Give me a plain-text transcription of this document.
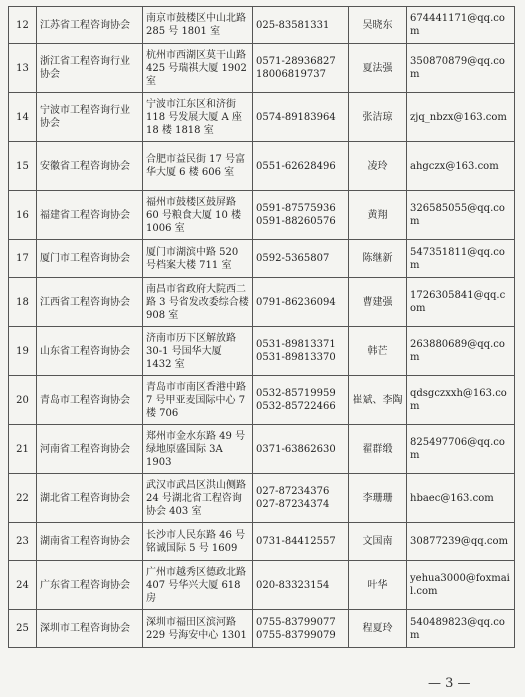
12	江苏省工程咨询协会	南京市鼓楼区中山北路 285 号 1801 室	025-83581331	吴晓东	674441171@qq.com
13	浙江省工程咨询行业协会	杭州市西湖区莫干山路 425 号瑞祺大厦 1902 室	0571-28936827
18006819737	夏法强	350870879@qq.com
14	宁波市工程咨询行业协会	宁波市江东区和济街 118 号发展大厦 A 座 18 楼 1818 室	0574-89183964	张洁琼	zjq_nbzx@163.com
15	安徽省工程咨询协会	合肥市益民街 17 号富华大厦 6 楼 606 室	0551-62628496	凌玲	ahgczx@163.com
16	福建省工程咨询协会	福州市鼓楼区鼓屏路 60 号粮食大厦 10 楼 1006 室	0591-87575936
0591-88260576	黄翔	326585055@qq.com
17	厦门市工程咨询协会	厦门市湖滨中路 520 号档案大楼 711 室	0592-5365807	陈继新	547351811@qq.com
18	江西省工程咨询协会	南昌市省政府大院西二路 3 号省发改委综合楼 908 室	0791-86236094	曹建强	1726305841@qq.com
19	山东省工程咨询协会	济南市历下区解放路 30-1 号国华大厦 1432 室	0531-89813371
0531-89813370	韩芒	263880689@qq.com
20	青岛市工程咨询协会	青岛市市南区香港中路 7 号甲亚麦国际中心 7 楼 706	0532-85719959
0532-85722466	崔斌、李陶	qdsgczxxh@163.com
21	河南省工程咨询协会	郑州市金水东路 49 号绿地原盛国际 3A 1903	0371-63862630	翟群缎	825497706@qq.com
22	湖北省工程咨询协会	武汉市武昌区洪山侧路 24 号湖北省工程咨询协会 403 室	027-87234376
027-87234374	李珊珊	hbaec@163.com
23	湖南省工程咨询协会	长沙市人民东路 46 号铭诚国际 5 号 1609	0731-84412557	文国南	30877239@qq.com
24	广东省工程咨询协会	广州市越秀区德政北路 407 号华兴大厦 618 房	020-83323154	叶华	yehua3000@foxmail.com
25	深圳市工程咨询协会	深圳市福田区滨河路 229 号海安中心 1301	0755-83799077
0755-83799079	程夏玲	540489823@qq.com
— 3 —
